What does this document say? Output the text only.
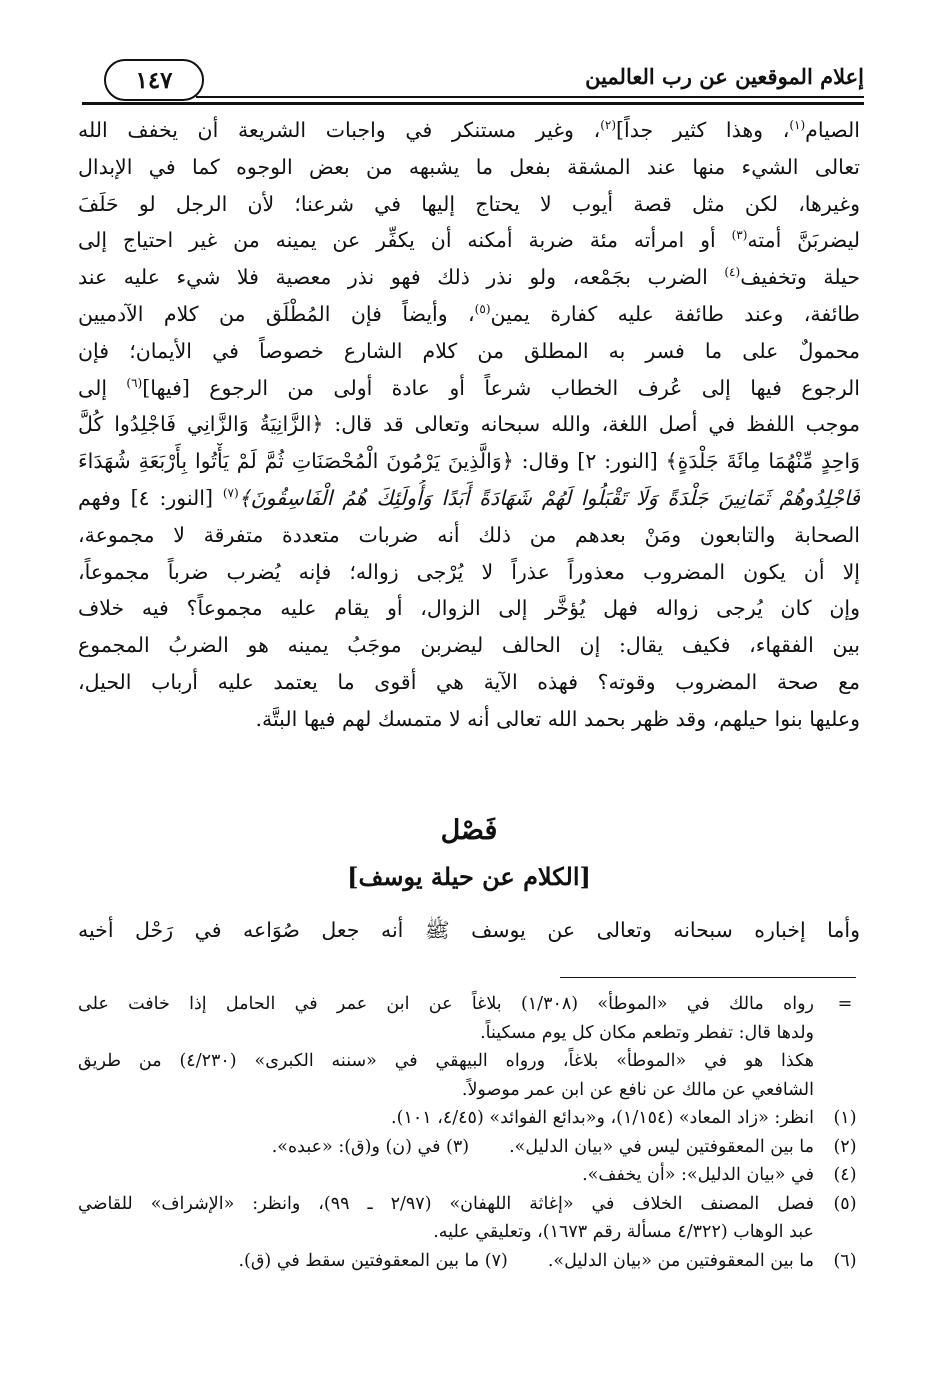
إعلام الموقعين عن رب العالمين
١٤٧
الصيام$^{(١)}$، وهذا كثير جداً]$^{(٢)}$، وغير مستنكر في واجبات الشريعة أن يخفف الله
تعالى الشيء منها عند المشقة بفعل ما يشبهه من بعض الوجوه كما في الإبدال
وغيرها، لكن مثل قصة أيوب لا يحتاج إليها في شرعنا؛ لأن الرجل لو حَلَفَ
ليضربَنَّ أمته$^{(٣)}$ أو امرأته مئة ضربة أمكنه أن يكفِّر عن يمينه من غير احتياج إلى
حيلة وتخفيف$^{(٤)}$ الضرب بجَمْعه، ولو نذر ذلك فهو نذر معصية فلا شيء عليه عند
طائفة، وعند طائفة عليه كفارة يمين$^{(٥)}$، وأيضاً فإن المُطْلَق من كلام الآدميين
محمولٌ على ما فسر به المطلق من كلام الشارع خصوصاً في الأيمان؛ فإن
الرجوع فيها إلى عُرف الخطاب شرعاً أو عادة أولى من الرجوع [فيها]$^{(٦)}$ إلى
موجب اللفظ في أصل اللغة، والله سبحانه وتعالى قد قال: ﴿الزَّانِيَةُ وَالزَّانِي فَاجْلِدُوا كُلَّ
وَاحِدٍ مِّنْهُمَا مِائَةَ جَلْدَةٍ﴾ [النور: ٢] وقال: ﴿وَالَّذِينَ يَرْمُونَ الْمُحْصَنَاتِ ثُمَّ لَمْ يَأْتُوا بِأَرْبَعَةِ شُهَدَاءَ
فَاجْلِدُوهُمْ ثَمَانِينَ جَلْدَةً وَلَا تَقْبَلُوا لَهُمْ شَهَادَةً أَبَدًا وَأُولَئِكَ هُمُ الْفَاسِقُونَ﴾$^{(٧)}$ [النور: ٤] وفهم
الصحابة والتابعون ومَنْ بعدهم من ذلك أنه ضربات متعددة متفرقة لا مجموعة،
إلا أن يكون المضروب معذوراً عذراً لا يُرْجى زواله؛ فإنه يُضرب ضرباً مجموعاً،
وإن كان يُرجى زواله فهل يُؤخَّر إلى الزوال، أو يقام عليه مجموعاً؟ فيه خلاف
بين الفقهاء، فكيف يقال: إن الحالف ليضربن موجَبُ يمينه هو الضربُ المجموع
مع صحة المضروب وقوته؟ فهذه الآية هي أقوى ما يعتمد عليه أرباب الحيل،
وعليها بنوا حيلهم، وقد ظهر بحمد الله تعالى أنه لا متمسك لهم فيها البتَّة.
فَصْل
[الكلام عن حيلة يوسف]
وأما إخباره سبحانه وتعالى عن يوسف ﷺ أنه جعل صُوَاعه في رَحْل أخيه
=
رواه مالك في «الموطأ» (١/٣٠٨) بلاغاً عن ابن عمر في الحامل إذا خافت على
ولدها قال: تفطر وتطعم مكان كل يوم مسكيناً.
هكذا هو في «الموطأ» بلاغاً، ورواه البيهقي في «سننه الكبرى» (٤/٢٣٠) من طريق
الشافعي عن مالك عن نافع عن ابن عمر موصولاً.
(١)
انظر: «زاد المعاد» (١/١٥٤)، و«بدائع الفوائد» (٤/٤٥، ١٠١).
(٢)
ما بين المعقوفتين ليس في «بيان الدليل».(٣) في (ن) و(ق): «عبده».
(٤)
في «بيان الدليل»: «أن يخفف».
(٥)
فصل المصنف الخلاف في «إغاثة اللهفان» (٢/٩٧ ـ ٩٩)، وانظر: «الإشراف» للقاضي
عبد الوهاب (٤/٣٢٢ مسألة رقم ١٦٧٣)، وتعليقي عليه.
(٦)
ما بين المعقوفتين من «بيان الدليل».(٧) ما بين المعقوفتين سقط في (ق).
